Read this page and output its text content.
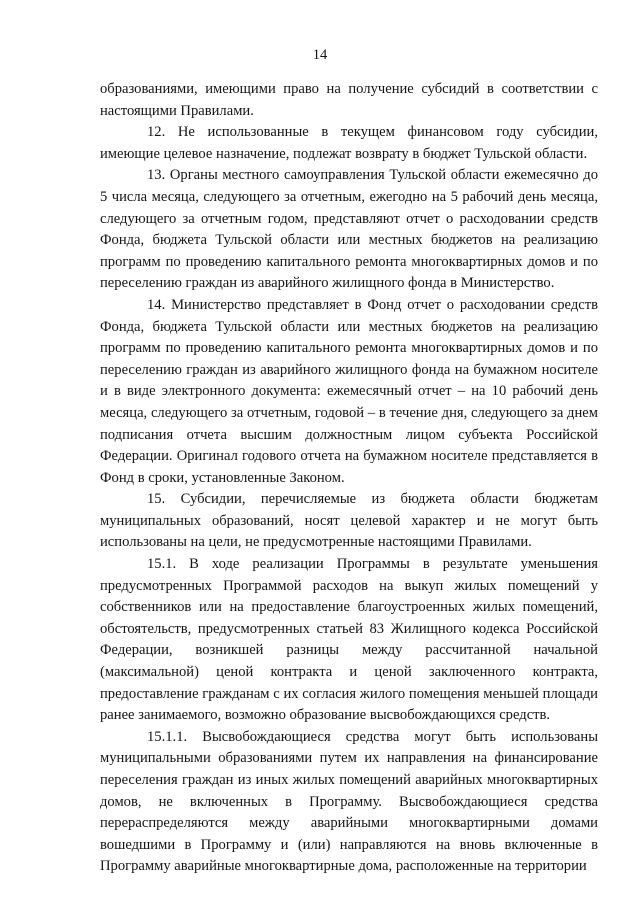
14

образованиями, имеющими право на получение субсидий в соответствии с настоящими Правилами.

12. Не использованные в текущем финансовом году субсидии, имеющие целевое назначение, подлежат возврату в бюджет Тульской области.

13. Органы местного самоуправления Тульской области ежемесячно до 5 числа месяца, следующего за отчетным, ежегодно на 5 рабочий день месяца, следующего за отчетным годом, представляют отчет о расходовании средств Фонда, бюджета Тульской области или местных бюджетов на реализацию программ по проведению капитального ремонта многоквартирных домов и по переселению граждан из аварийного жилищного фонда в Министерство.

14. Министерство представляет в Фонд отчет о расходовании средств Фонда, бюджета Тульской области или местных бюджетов на реализацию программ по проведению капитального ремонта многоквартирных домов и по переселению граждан из аварийного жилищного фонда на бумажном носителе и в виде электронного документа: ежемесячный отчет – на 10 рабочий день месяца, следующего за отчетным, годовой – в течение дня, следующего за днем подписания отчета высшим должностным лицом субъекта Российской Федерации. Оригинал годового отчета на бумажном носителе представляется в Фонд в сроки, установленные Законом.

15. Субсидии, перечисляемые из бюджета области бюджетам муниципальных образований, носят целевой характер и не могут быть использованы на цели, не предусмотренные настоящими Правилами.

15.1. В ходе реализации Программы в результате уменьшения предусмотренных Программой расходов на выкуп жилых помещений у собственников или на предоставление благоустроенных жилых помещений, обстоятельств, предусмотренных статьей 83 Жилищного кодекса Российской Федерации, возникшей разницы между рассчитанной начальной (максимальной) ценой контракта и ценой заключенного контракта, предоставление гражданам с их согласия жилого помещения меньшей площади ранее занимаемого, возможно образование высвобождающихся средств.

15.1.1. Высвобождающиеся средства могут быть использованы муниципальными образованиями путем их направления на финансирование переселения граждан из иных жилых помещений аварийных многоквартирных домов, не включенных в Программу. Высвобождающиеся средства перераспределяются между аварийными многоквартирными домами вошедшими в Программу и (или) направляются на вновь включенные в Программу аварийные многоквартирные дома, расположенные на территории
